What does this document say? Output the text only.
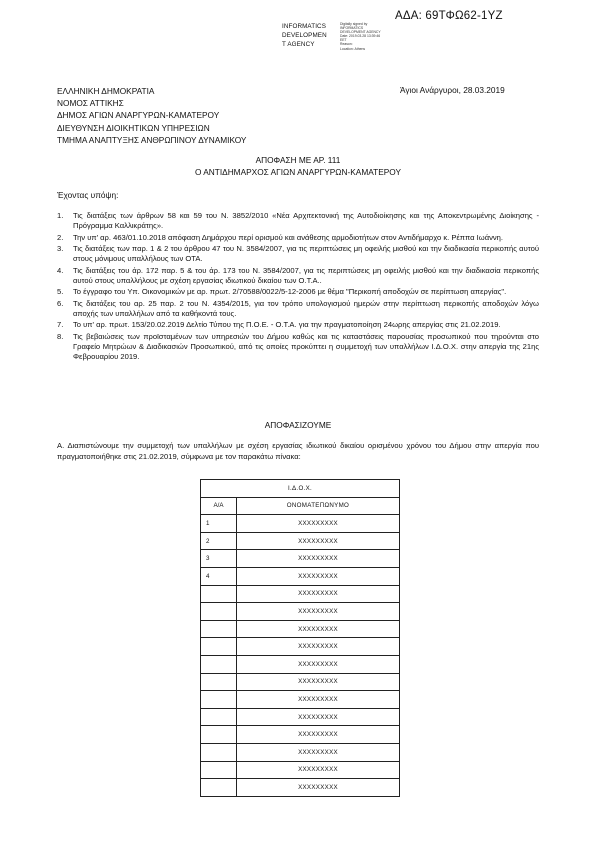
ΑΔΑ: 69ΤΦΩ62-1ΥΖ
INFORMATICS
DEVELOPMEN
T AGENCY
Digitally signed by
INFORMATICS
DEVELOPMENT AGENCY
Date: 2019.03.28 13:39:46
EET
Reason:
Location: Athens
ΕΛΛΗΝΙΚΗ ΔΗΜΟΚΡΑΤΙΑ
ΝΟΜΟΣ ΑΤΤΙΚΗΣ
ΔΗΜΟΣ ΑΓΙΩΝ ΑΝΑΡΓΥΡΩΝ-ΚΑΜΑΤΕΡΟΥ
ΔΙΕΥΘΥΝΣΗ ΔΙΟΙΚΗΤΙΚΩΝ ΥΠΗΡΕΣΙΩΝ
ΤΜΗΜΑ ΑΝΑΠΤΥΞΗΣ ΑΝΘΡΩΠΙΝΟΥ ΔΥΝΑΜΙΚΟΥ
Άγιοι Ανάργυροι, 28.03.2019
ΑΠΟΦΑΣΗ ΜΕ ΑΡ. 111
Ο ΑΝΤΙΔΗΜΑΡΧΟΣ ΑΓΙΩΝ ΑΝΑΡΓΥΡΩΝ-ΚΑΜΑΤΕΡΟΥ
Έχοντας υπόψη:
1. Τις διατάξεις των άρθρων 58 και 59 του Ν. 3852/2010 «Νέα Αρχιτεκτονική της Αυτοδιοίκησης και της Αποκεντρωμένης Διοίκησης - Πρόγραμμα Καλλικράτης».
2. Την υπ' αρ. 463/01.10.2018 απόφαση Δημάρχου περί ορισμού και ανάθεσης αρμοδιοτήτων στον Αντιδήμαρχο κ. Ρέππα Ιωάννη.
3. Τις διατάξεις των παρ. 1 & 2 του άρθρου 47 του Ν. 3584/2007, για τις περιπτώσεις μη οφειλής μισθού και την διαδικασία περικοπής αυτού στους μόνιμους υπαλλήλους των ΟΤΑ.
4. Τις διατάξεις του άρ. 172 παρ. 5 & του άρ. 173 του Ν. 3584/2007, για τις περιπτώσεις μη οφειλής μισθού και την διαδικασία περικοπής αυτού στους υπαλλήλους με σχέση εργασίας ιδιωτικού δικαίου των Ο.Τ.Α..
5. Το έγγραφο του Υπ. Οικονομικών με αρ. πρωτ. 2/70588/0022/5-12-2006 με θέμα "Περικοπή αποδοχών σε περίπτωση απεργίας".
6. Τις διατάξεις του αρ. 25 παρ. 2 του Ν. 4354/2015, για τον τρόπο υπολογισμού ημερών στην περίπτωση περικοπής αποδοχών λόγω αποχής των υπαλλήλων από τα καθήκοντά τους.
7. Το υπ' αρ. πρωτ. 153/20.02.2019 Δελτίο Τύπου της Π.Ο.Ε. - Ο.Τ.Α. για την πραγματοποίηση 24ωρης απεργίας στις 21.02.2019.
8. Τις βεβαιώσεις των προϊσταμένων των υπηρεσιών του Δήμου καθώς και τις καταστάσεις παρουσίας προσωπικού που τηρούνται στο Γραφείο Μητρώων & Διαδικασιών Προσωπικού, από τις οποίες προκύπτει η συμμετοχή των υπαλλήλων Ι.Δ.Ο.Χ. στην απεργία της 21ης Φεβρουαρίου 2019.
ΑΠΟΦΑΣΙΖΟΥΜΕ
Α. Διαπιστώνουμε την συμμετοχή των υπαλλήλων με σχέση εργασίας ιδιωτικού δικαίου ορισμένου χρόνου του Δήμου στην απεργία που πραγματοποιήθηκε στις 21.02.2019, σύμφωνα με τον παρακάτω πίνακα:
Ι.Δ.Ο.Χ.	
Α/Α	ΟΝΟΜΑΤΕΠΩΝΥΜΟ
1	XXXXXXXXX
2	XXXXXXXXX
3	XXXXXXXXX
4	XXXXXXXXX
	XXXXXXXXX
	XXXXXXXXX
	XXXXXXXXX
	XXXXXXXXX
	XXXXXXXXX
	XXXXXXXXX
	XXXXXXXXX
	XXXXXXXXX
	XXXXXXXXX
	XXXXXXXXX
	XXXXXXXXX
	XXXXXXXXX
